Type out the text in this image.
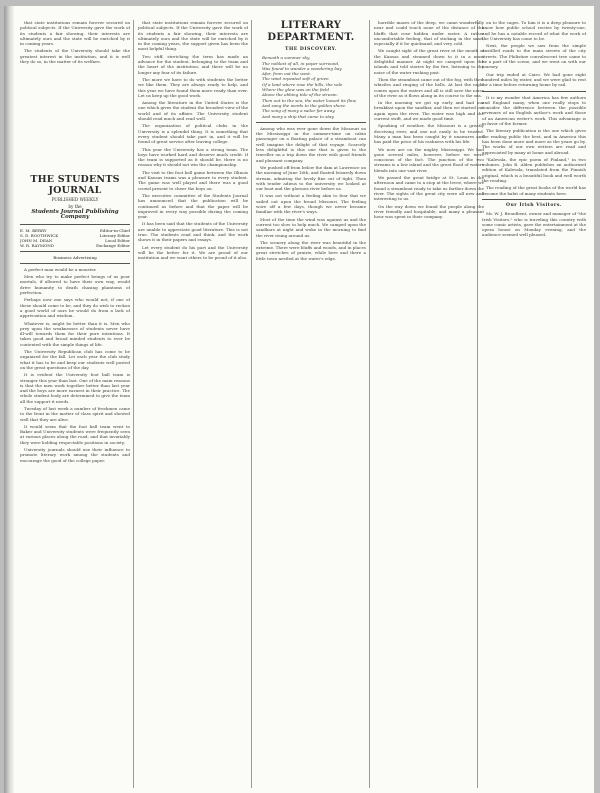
that state institutions remain forever secured on political subjects. If the University gave the work of its students a fair showing, their interests are ultimately ours and the state will be enriched by it in coming years.

The students of the University should take the greatest interest in the institution, and it is well they do so, in the matter of its welfare.

THE STUDENTS JOURNAL
PUBLISHED WEEKLY
by the
Students Journal Publishing Company
E. M. BERRY	Editor-in-Chief
S. D. BOOTHWICK	Literary Editor
JOHN M. DEAN	Local Editor
W. R. RAYMOND	Exchange Editor
Business Advertising

A perfect man would be a monster.

Men who try to make perfect beings of us poor mortals, if allowed to have their own way, would drive humanity to death chasing phantoms of perfection.

Perhaps now one says who would not, if one of these should come to be, and they do wish to reckon a good world of ours he would do from a lack of appreciation and wisdom.

Whatever is, might be better than it is. Men who prey upon the weaknesses of students never have ill-will towards them for their pure intentions. It takes good and broad minded students to ever be contented with the simple things of life.

The University Republican club has come to be organized for the fall. Let each year the club study what it has to be and keep our students well posted on the great questions of the day.

It is evident the University foot ball team is stronger this year than last. One of the main reasons is that the men work together better than last year and the boys are more earnest in their practice. The whole student body are determined to give the team all the support it needs.

Tuesday of last week a number of freshmen came to the front in the matter of class spirit and showed well that they are alive.

It would seem that the foot ball team went to Baker and University students were frequently seen at various places along the road, and that invariably they were holding respectable positions in society.

University journals should use their influence to promote literary work among the students and encourage the good of the college paper.

that state institutions remain forever secured on political subjects. If the University gave the work of its students a fair showing, their interests are ultimately ours and the state will be enriched by it in the coming years, the support given has been the most helpful thing.

Two stiff, stretching the term has made an advance for the student, belonging to the team and the heart of the institution, and there will be no longer any fear of its failure.

The more we have to do with students the better we like them. They are always ready to help, and this year we have found them more ready than ever. Let us keep up the good work.

Among the literature in the United States is the one which gives the student the broadest view of the world and of its affairs. The University student should read much and read well.

The organization of political clubs in the University is a splendid thing. It is something that every student should take part in, and it will be found of great service after leaving college.

This year the University has a strong team. The boys have worked hard and deserve much credit. If the team is supported as it should be, there is no reason why it should not win the championship.

The visit to the foot ball game between the Illinois and Kansas teams was a pleasure to every student. The game was well played and there was a good crowd present to cheer the boys on.

The executive committee of the Students Journal has announced that the publication will be continued as before and that the paper will be improved in every way possible during the coming year.

It has been said that the students of the University are unable to appreciate good literature. This is not true. The students read and think, and the work shows it in their papers and essays.

Let every student do his part and the University will be the better for it. We are proud of our institution and we want others to be proud of it also.

LITERARY DEPARTMENT.
THE DISCOVERY.

Beneath a summer sky,

The noblest of all, in paper surround,

Was found to wander a wandering bay

Afar, from out the west.

The wind repeated soft of green

Of a land where rose the hills, the vale

Where the glow was on the field

Above the ebbing tide of the stream.

Then out to the sea, the water loosed its flow,

And sang the words to the golden shore.

The song of many a sailor far away,

And many a ship that came to stay.

Among who was ever gone down the Missouri on the Mississippi in the summer-time on cabin passenger on a floating palace of a steamboat can well imagine the delight of that voyage. Scarcely less delightful is this one that is given to the traveller on a trip down the river with good friends and pleasant company.

We pushed off from below the dam at Lawrence on the morning of June 16th, and floated leisurely down stream, admiring the lovely fine cut of tight. Then with tender adieus to the university we looked at our boat and the glorious river before us.

It was not without a feeling akin to fear that we sailed out upon the broad Missouri. The feeling wore off a few days, though we never became familiar with the river's ways.

Most of the time the wind was against us and the current too slow to help much. We camped upon the sandbars at night and woke in the morning to find the river rising around us.

The scenery along the river was beautiful in the extreme. There were bluffs and woods, and in places great stretches of prairie, while here and there a little town nestled at the water's edge.

horrible mazes of the deep, we came wonderfully near and could touch none of the distance of the bluffs that rose hidden under water. A rather uncomfortable feeling, that of sticking in the sand, especially if it be quicksand, and very cold.

We caught sight of the great river at the mouth of the Kansas and steamed down to it in a most delightful manner. At night we camped upon the islands and told stories by the fire, listening to the noise of the water rushing past.

Then the steamboat came out of the fog, with their whistles and ringing of the bells. At last the night comes upon the waters and all is still save the noise of the river as it flows along in its course to the sea.

In the morning we got up early and had our breakfast upon the sandbar, and then we started out again upon the river. The water was high and the current swift, and we made good time.

Speaking of weather, the Missouri is a greatly deceiving river, and one not easily to be trusted. Many a man has been caught by it unawares and has paid the price of his rashness with his life.

We now are on the mighty Mississippi. We had gone several miles, however, before we were conscious of the fact. The junction of the two streams is a low island and the great flood of waters blends into one vast river.

We passed the great bridge at St. Louis in the afternoon and came to a stop at the levee, where we found a steamboat ready to take us farther down the river. The sights of the great city were all new and interesting to us.

On the way down we found the people along the river friendly and hospitable, and many a pleasant hour was spent in their company.

on to the cages. To him it is a deep pleasure to know how public school recites by twenty-one, and he has a notable record of what the work of the University has come to be.

Next, the people we saw from the simple unstilled roads to the main streets of the city streets. The Philistine convalescent tree came to be a part of the scene, and we went on with our journey.

Our trip ended at Cairo. We had gone eight hundred miles by water, and we were glad to rest for a time before returning home by rail.

It is my wonder that America has few authors and England many, when one really stops to consider the difference between the possible revenues of an English author's work and those of an American writer's work. This advantage is in favor of the former.

The literary publication is the one which gives the reading public the best, and in America this has been done more and more as the years go by. The works of our own writers are read and appreciated by many at home and abroad.

"Kalevala, the epic poem of Finland," in two volumes. John B. Alden publishes an authorized edition of Kalevala, translated from the Finnish original, which is a beautiful book and well worth the reading.

The reading of the great books of the world has become the habit of many students here.

Our Irish Visitors.

Mr. W. J. Broadbent, owner and manager of "the Irish Visitors," who is traveling this country with some comic artists, gave the entertainment at the opera house on Monday evening, and the audience seemed well pleased.
